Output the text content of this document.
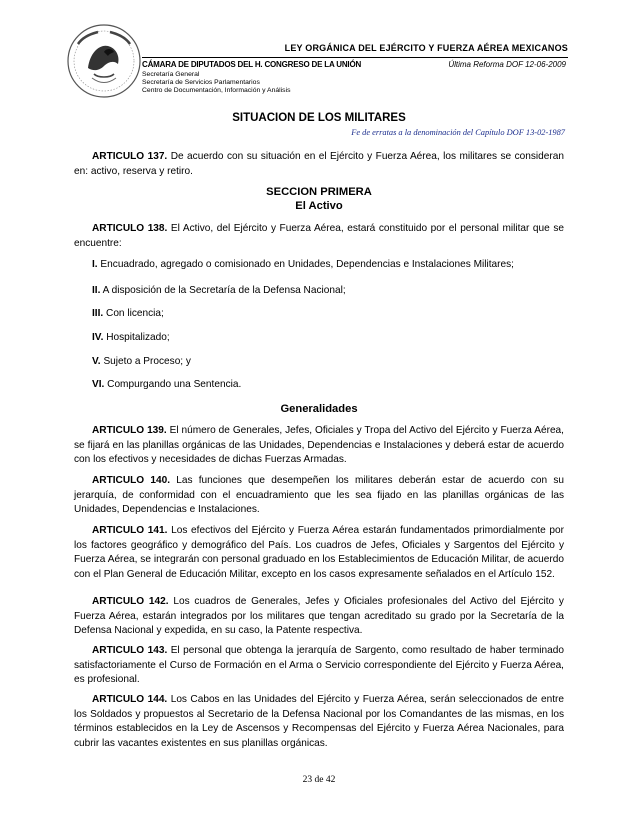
LEY ORGÁNICA DEL EJÉRCITO Y FUERZA AÉREA MEXICANOS
CÁMARA DE DIPUTADOS DEL H. CONGRESO DE LA UNIÓN	Última Reforma DOF 12-06-2009
Secretaría General
Secretaría de Servicios Parlamentarios
Centro de Documentación, Información y Análisis
SITUACION DE LOS MILITARES
Fe de erratas a la denominación del Capítulo DOF 13-02-1987
ARTICULO 137. De acuerdo con su situación en el Ejército y Fuerza Aérea, los militares se consideran en: activo, reserva y retiro.
SECCION PRIMERA
El Activo
ARTICULO 138. El Activo, del Ejército y Fuerza Aérea, estará constituido por el personal militar que se encuentre:
I. Encuadrado, agregado o comisionado en Unidades, Dependencias e Instalaciones Militares;
II. A disposición de la Secretaría de la Defensa Nacional;
III. Con licencia;
IV. Hospitalizado;
V. Sujeto a Proceso; y
VI. Compurgando una Sentencia.
Generalidades
ARTICULO 139. El número de Generales, Jefes, Oficiales y Tropa del Activo del Ejército y Fuerza Aérea, se fijará en las planillas orgánicas de las Unidades, Dependencias e Instalaciones y deberá estar de acuerdo con los efectivos y necesidades de dichas Fuerzas Armadas.
ARTICULO 140. Las funciones que desempeñen los militares deberán estar de acuerdo con su jerarquía, de conformidad con el encuadramiento que les sea fijado en las planillas orgánicas de las Unidades, Dependencias e Instalaciones.
ARTICULO 141. Los efectivos del Ejército y Fuerza Aérea estarán fundamentados primordialmente por los factores geográfico y demográfico del País. Los cuadros de Jefes, Oficiales y Sargentos del Ejército y Fuerza Aérea, se integrarán con personal graduado en los Establecimientos de Educación Militar, de acuerdo con el Plan General de Educación Militar, excepto en los casos expresamente señalados en el Artículo 152.
ARTICULO 142. Los cuadros de Generales, Jefes y Oficiales profesionales del Activo del Ejército y Fuerza Aérea, estarán integrados por los militares que tengan acreditado su grado por la Secretaría de la Defensa Nacional y expedida, en su caso, la Patente respectiva.
ARTICULO 143. El personal que obtenga la jerarquía de Sargento, como resultado de haber terminado satisfactoriamente el Curso de Formación en el Arma o Servicio correspondiente del Ejército y Fuerza Aérea, es profesional.
ARTICULO 144. Los Cabos en las Unidades del Ejército y Fuerza Aérea, serán seleccionados de entre los Soldados y propuestos al Secretario de la Defensa Nacional por los Comandantes de las mismas, en los términos establecidos en la Ley de Ascensos y Recompensas del Ejército y Fuerza Aérea Nacionales, para cubrir las vacantes existentes en sus planillas orgánicas.
23 de 42
